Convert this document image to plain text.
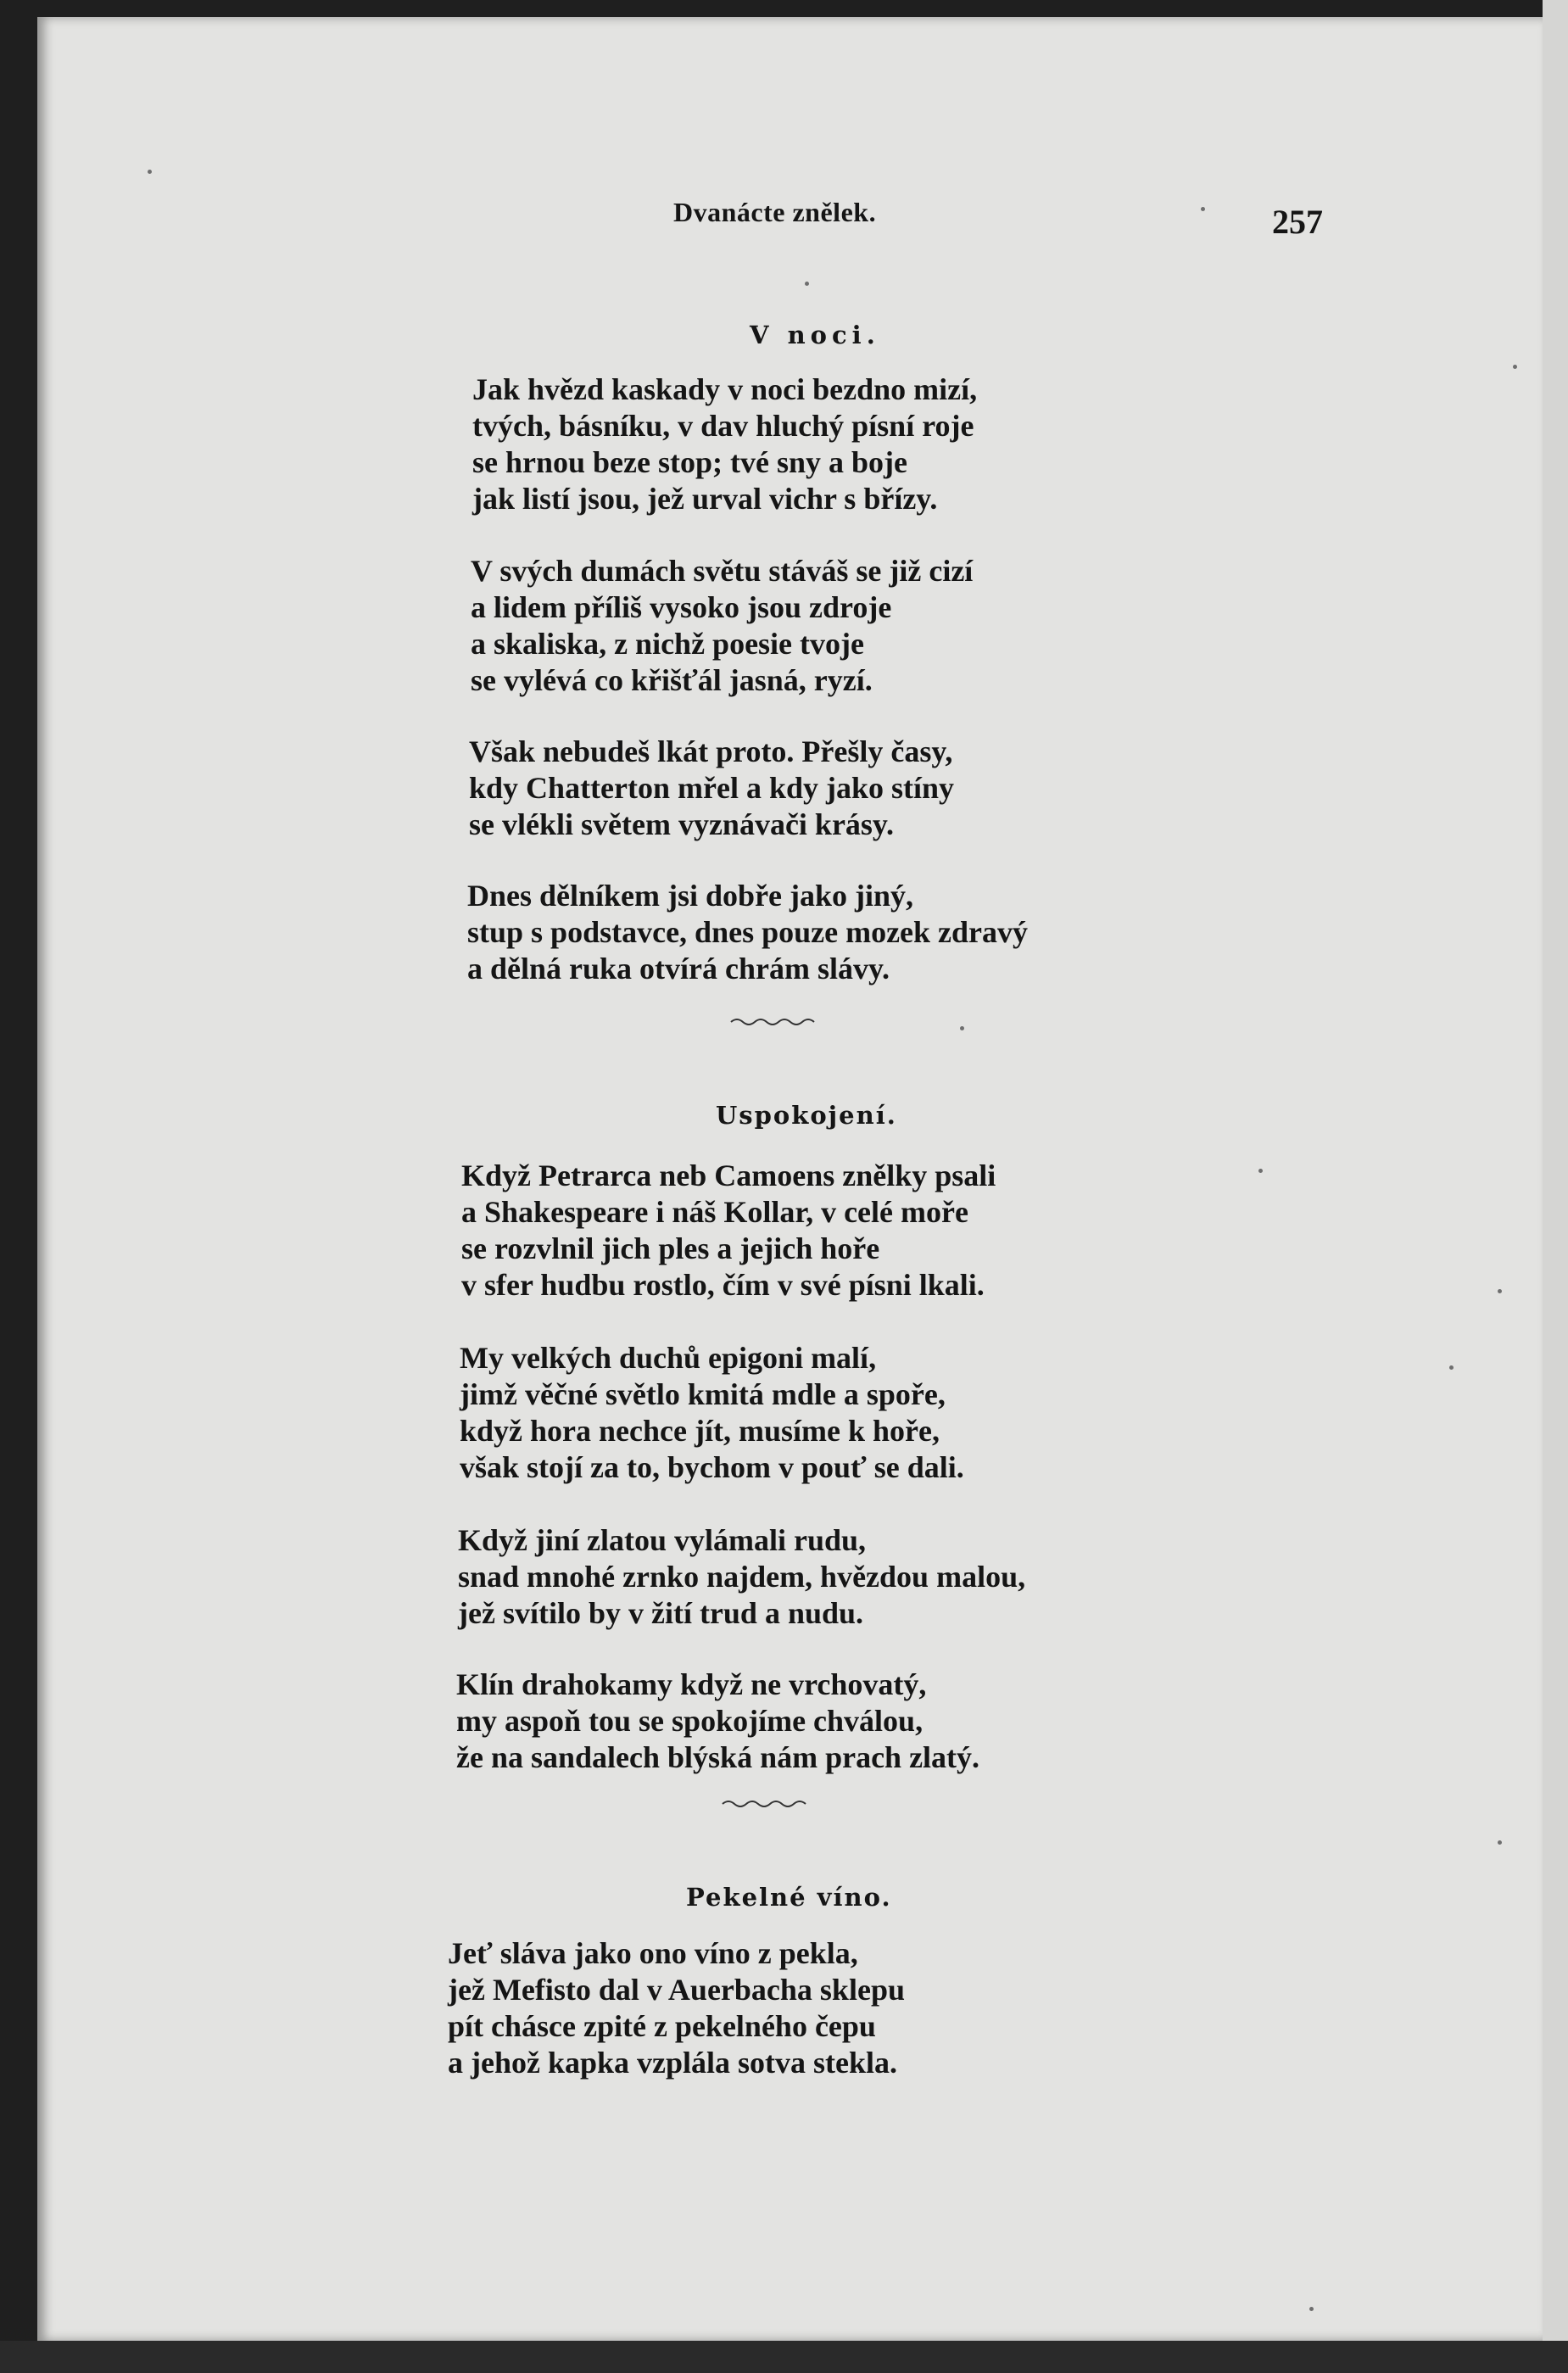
Dvanácte znělek.	257
V noci.
Jak hvězd kaskady v noci bezdno mizí,
tvých, básníku, v dav hluchý písní roje
se hrnou beze stop; tvé sny a boje
jak listí jsou, jež urval vichr s břízy.
V svých dumách světu stáváš se již cizí
a lidem příliš vysoko jsou zdroje
a skaliska, z nichž poesie tvoje
se vylévá co křišťál jasná, ryzí.
Však nebudeš lkát proto. Přešly časy,
kdy Chatterton mřel a kdy jako stíny
se vlékli světem vyznávači krásy.
Dnes dělníkem jsi dobře jako jiný,
stup s podstavce, dnes pouze mozek zdravý
a dělná ruka otvírá chrám slávy.
Uspokojení.
Když Petrarca neb Camoens znělky psali
a Shakespeare i náš Kollar, v celé moře
se rozvlnil jich ples a jejich hoře
v sfer hudbu rostlo, čím v své písni lkali.
My velkých duchů epigoni malí,
jimž věčné světlo kmitá mdle a spoře,
když hora nechce jít, musíme k hoře,
však stojí za to, bychom v pouť se dali.
Když jiní zlatou vylámali rudu,
snad mnohé zrnko najdem, hvězdou malou,
jež svítilo by v žití trud a nudu.
Klín drahokamy když ne vrchovatý,
my aspoň tou se spokojíme chválou,
že na sandalech blýská nám prach zlatý.
Pekelné víno.
Jeť sláva jako ono víno z pekla,
jež Mefisto dal v Auerbacha sklepu
pít chásce zpité z pekelného čepu
a jehož kapka vzplála sotva stekla.
